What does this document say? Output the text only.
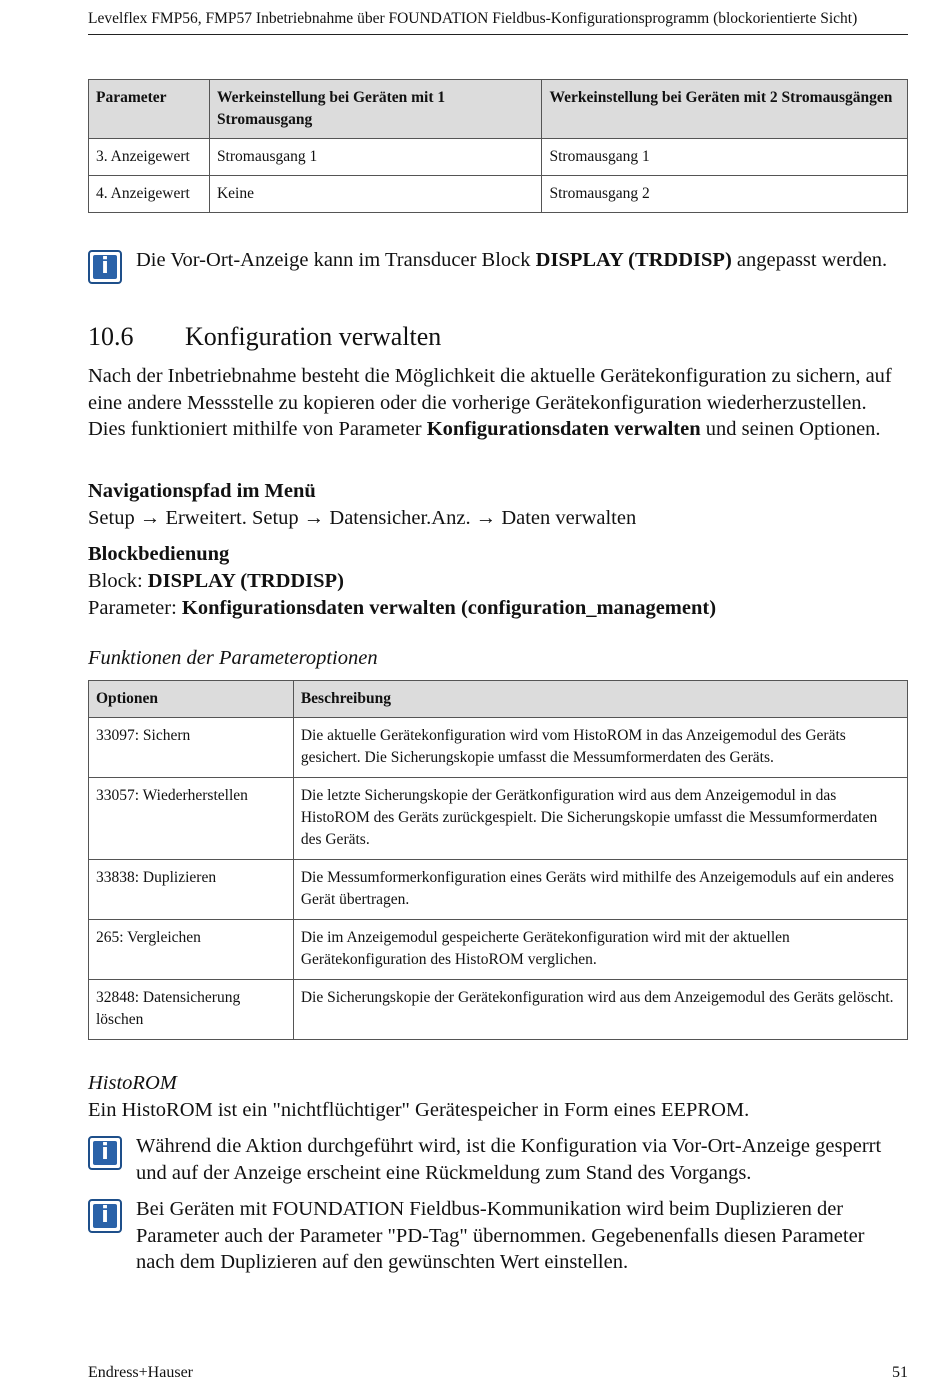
Levelflex FMP56, FMP57 Inbetriebnahme über FOUNDATION Fieldbus-Konfigurationsprogramm (blockorientierte Sicht)
Parameter	Werkeinstellung bei Geräten mit 1 Stromausgang	Werkeinstellung bei Geräten mit 2 Stromausgängen
3. Anzeigewert	Stromausgang 1	Stromausgang 1
4. Anzeigewert	Keine	Stromausgang 2
i	Die Vor-Ort-Anzeige kann im Transducer Block DISPLAY (TRDDISP) angepasst werden.
10.6 Konfiguration verwalten

Nach der Inbetriebnahme besteht die Möglichkeit die aktuelle Gerätekonfiguration zu sichern, auf eine andere Messstelle zu kopieren oder die vorherige Gerätekonfiguration wiederherzustellen. Dies funktioniert mithilfe von Parameter Konfigurationsdaten verwalten und seinen Optionen.

Navigationspfad im Menü

Setup → Erweitert. Setup → Datensicher.Anz. → Daten verwalten

Blockbedienung

Block: DISPLAY (TRDDISP)

Parameter: Konfigurationsdaten verwalten (configuration_management)

Funktionen der Parameteroptionen

Optionen	Beschreibung
33097: Sichern	Die aktuelle Gerätekonfiguration wird vom HistoROM in das Anzeigemodul des Geräts gesichert. Die Sicherungskopie umfasst die Messumformerdaten des Geräts.
33057: Wiederherstellen	Die letzte Sicherungskopie der Gerätkonfiguration wird aus dem Anzeigemodul in das HistoROM des Geräts zurückgespielt. Die Sicherungskopie umfasst die Messumformerdaten des Geräts.
33838: Duplizieren	Die Messumformerkonfiguration eines Geräts wird mithilfe des Anzeigemoduls auf ein anderes Gerät übertragen.
265: Vergleichen	Die im Anzeigemodul gespeicherte Gerätekonfiguration wird mit der aktuellen Gerätekonfiguration des HistoROM verglichen.
32848: Datensicherung löschen	Die Sicherungskopie der Gerätekonfiguration wird aus dem Anzeigemodul des Geräts gelöscht.

HistoROM

Ein HistoROM ist ein "nichtflüchtiger" Gerätespeicher in Form eines EEPROM.

i	Während die Aktion durchgeführt wird, ist die Konfiguration via Vor-Ort-Anzeige gesperrt und auf der Anzeige erscheint eine Rückmeldung zum Stand des Vorgangs.
i	Bei Geräten mit FOUNDATION Fieldbus-Kommunikation wird beim Duplizieren der Parameter auch der Parameter "PD-Tag" übernommen. Gegebenenfalls diesen Parameter nach dem Duplizieren auf den gewünschten Wert einstellen.
Endress+Hauser	51
